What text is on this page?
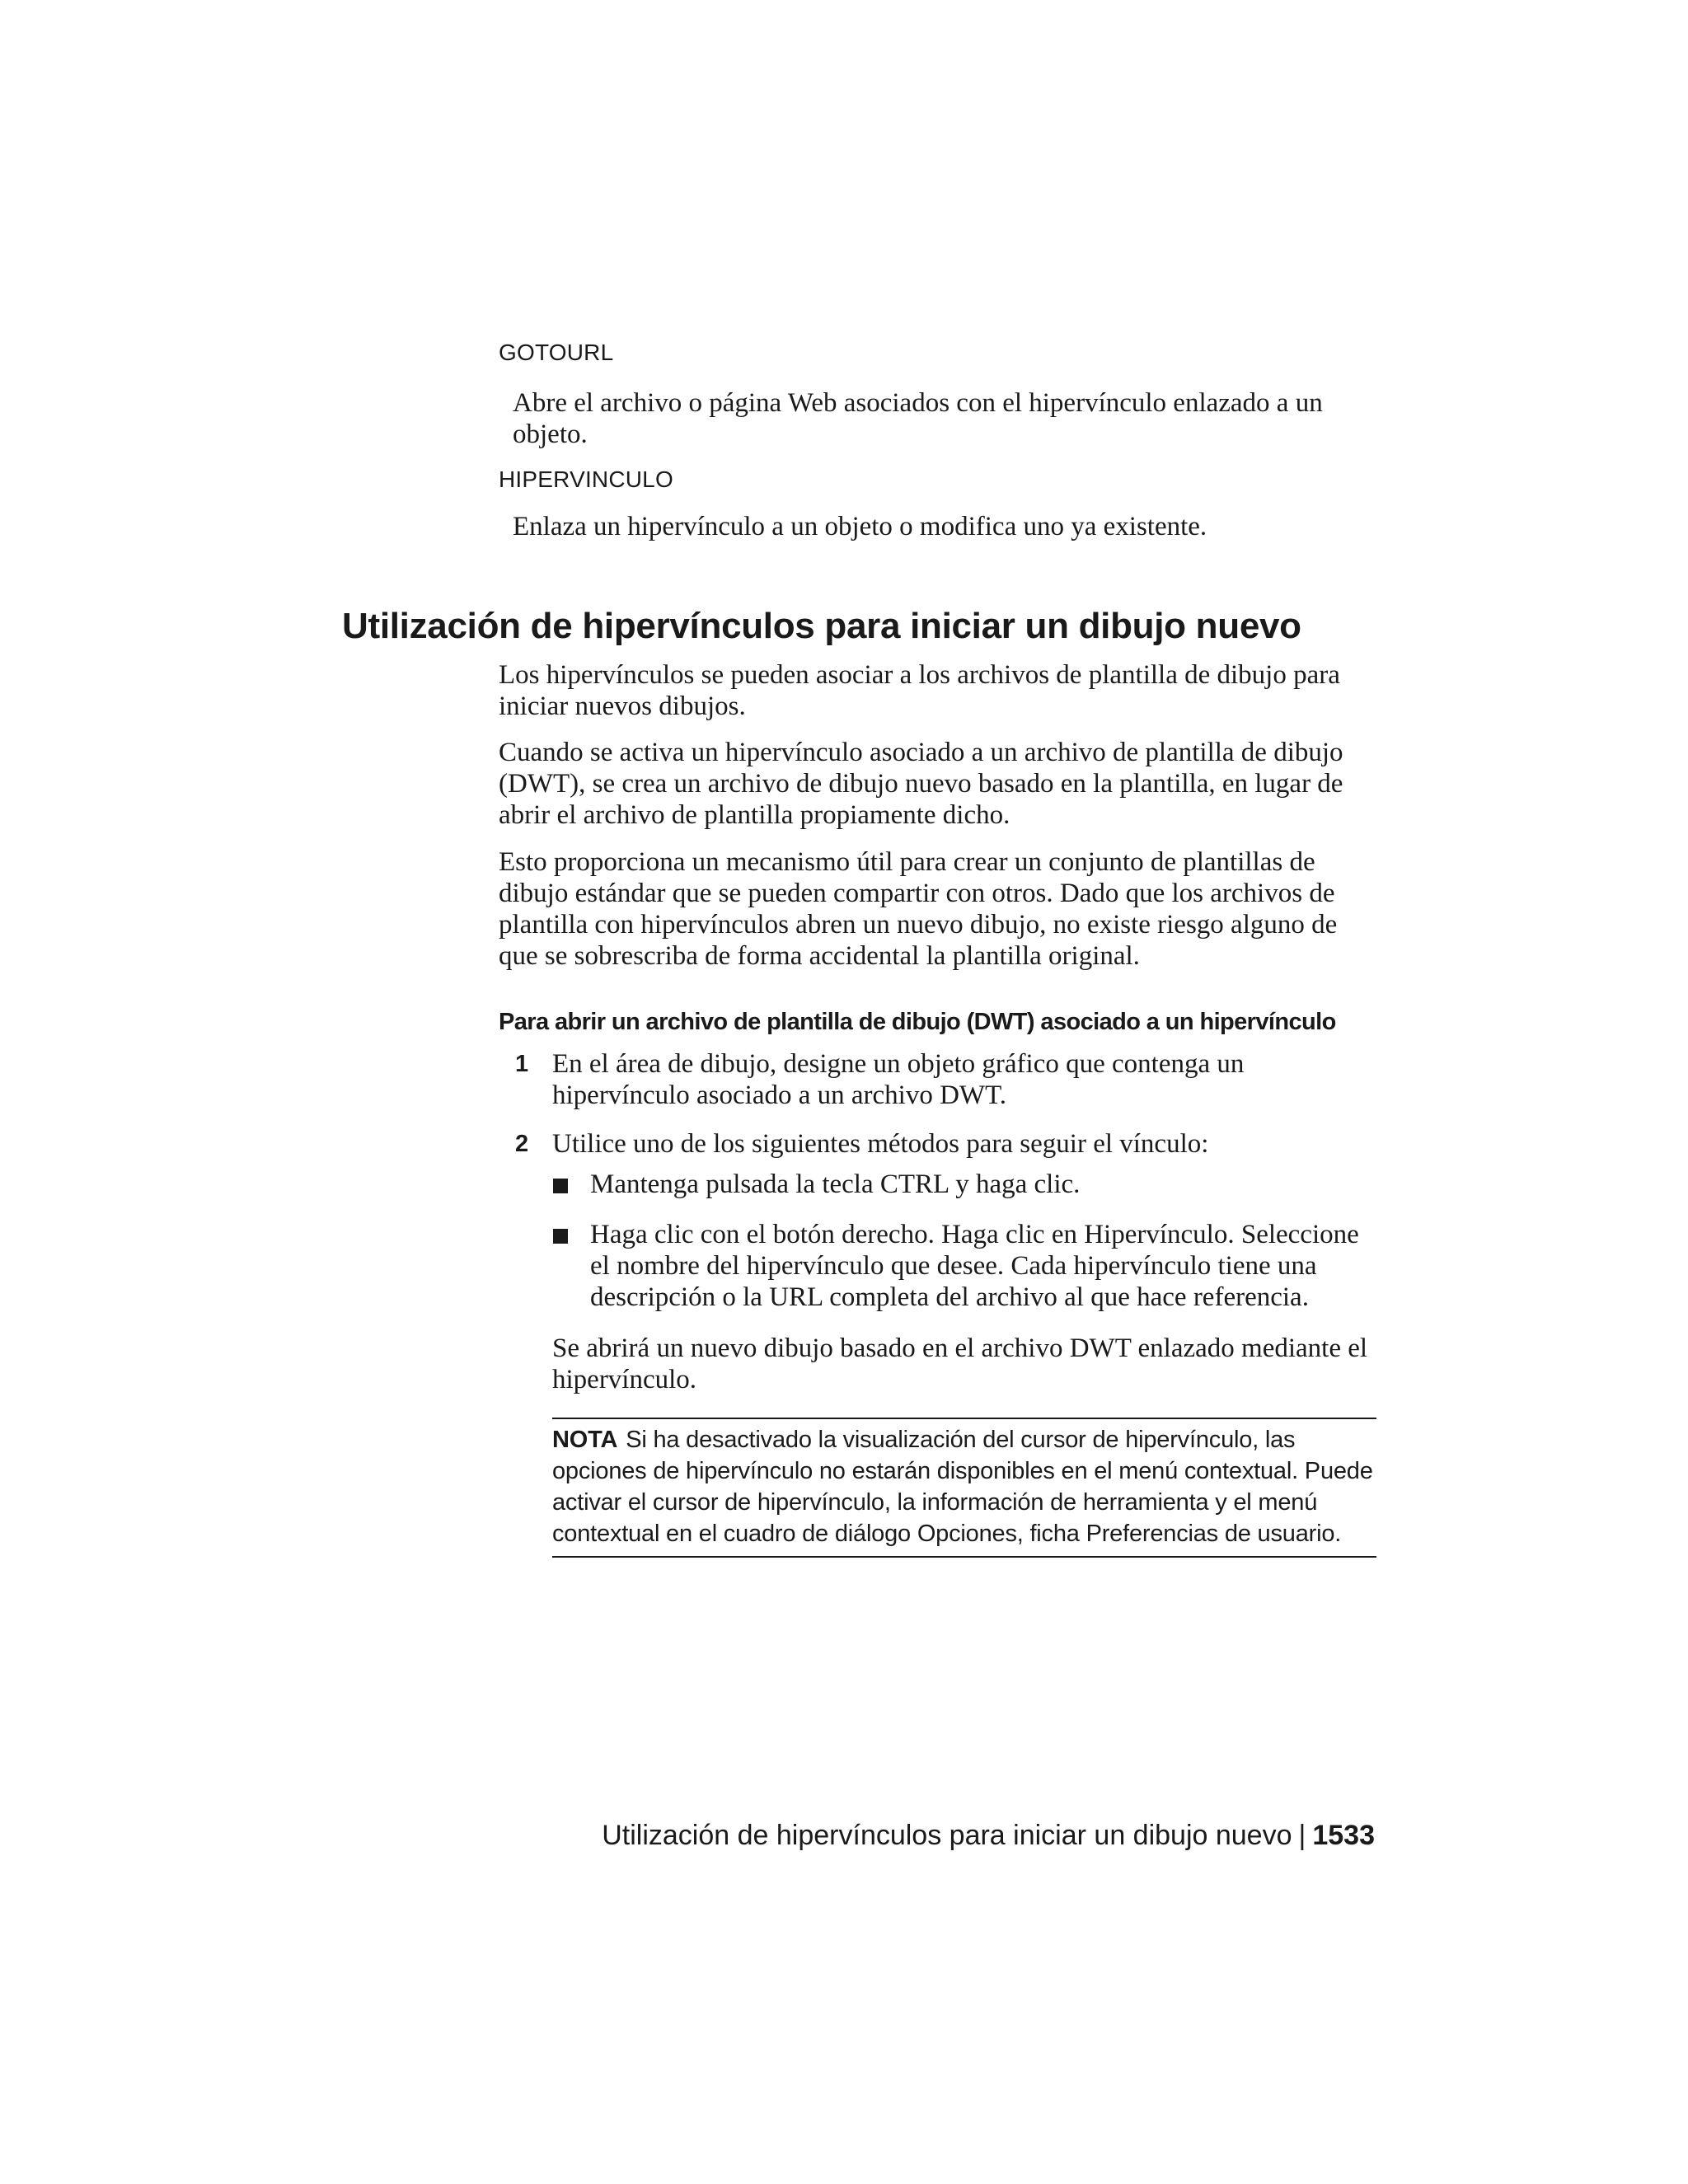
GOTOURL
Abre el archivo o página Web asociados con el hipervínculo enlazado a un objeto.
HIPERVINCULO
Enlaza un hipervínculo a un objeto o modifica uno ya existente.
Utilización de hipervínculos para iniciar un dibujo nuevo
Los hipervínculos se pueden asociar a los archivos de plantilla de dibujo para iniciar nuevos dibujos.
Cuando se activa un hipervínculo asociado a un archivo de plantilla de dibujo (DWT), se crea un archivo de dibujo nuevo basado en la plantilla, en lugar de abrir el archivo de plantilla propiamente dicho.
Esto proporciona un mecanismo útil para crear un conjunto de plantillas de dibujo estándar que se pueden compartir con otros. Dado que los archivos de plantilla con hipervínculos abren un nuevo dibujo, no existe riesgo alguno de que se sobrescriba de forma accidental la plantilla original.
Para abrir un archivo de plantilla de dibujo (DWT) asociado a un hipervínculo
1 En el área de dibujo, designe un objeto gráfico que contenga un hipervínculo asociado a un archivo DWT.
2 Utilice uno de los siguientes métodos para seguir el vínculo:
Mantenga pulsada la tecla CTRL y haga clic.
Haga clic con el botón derecho. Haga clic en Hipervínculo. Seleccione el nombre del hipervínculo que desee. Cada hipervínculo tiene una descripción o la URL completa del archivo al que hace referencia.
Se abrirá un nuevo dibujo basado en el archivo DWT enlazado mediante el hipervínculo.
NOTA Si ha desactivado la visualización del cursor de hipervínculo, las opciones de hipervínculo no estarán disponibles en el menú contextual. Puede activar el cursor de hipervínculo, la información de herramienta y el menú contextual en el cuadro de diálogo Opciones, ficha Preferencias de usuario.
Utilización de hipervínculos para iniciar un dibujo nuevo | 1533
